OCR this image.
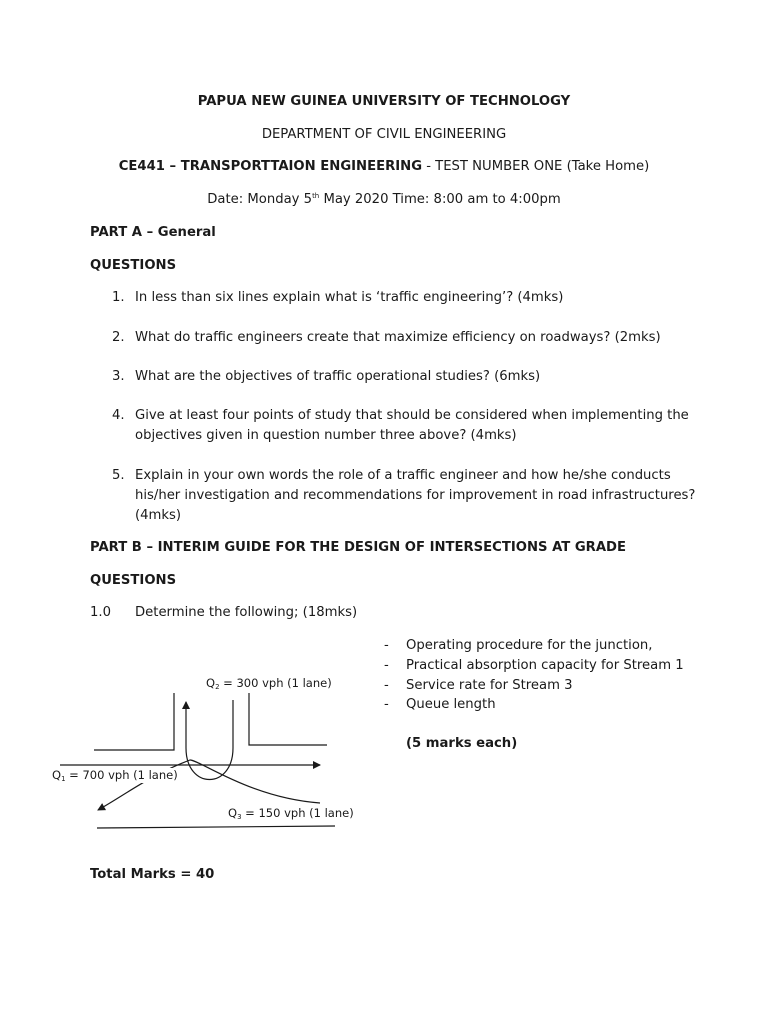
PAPUA NEW GUINEA UNIVERSITY OF TECHNOLOGY
DEPARTMENT OF CIVIL ENGINEERING
CE441 – TRANSPORTTAION ENGINEERING - TEST NUMBER ONE (Take Home)
Date: Monday 5th May 2020 Time: 8:00 am to 4:00pm
PART A – General
QUESTIONS
1. In less than six lines explain what is ‘traffic engineering’? (4mks)
2. What do traffic engineers create that maximize efficiency on roadways? (2mks)
3. What are the objectives of traffic operational studies? (6mks)
4. Give at least four points of study that should be considered when implementing the
objectives given in question number three above? (4mks)
5. Explain in your own words the role of a traffic engineer and how he/she conducts
his/her investigation and recommendations for improvement in road infrastructures?
(4mks)
PART B – INTERIM GUIDE FOR THE DESIGN OF INTERSECTIONS AT GRADE
QUESTIONS
1.0 Determine the following; (18mks)
- Operating procedure for the junction,
- Practical absorption capacity for Stream 1
- Service rate for Stream 3
- Queue length
(5 marks each)
$Q_2 = 300$ vph (1 lane)
$Q_1 = 700$ vph (1 lane)
$Q_3 = 150$ vph (1 lane)
Total Marks = 40
